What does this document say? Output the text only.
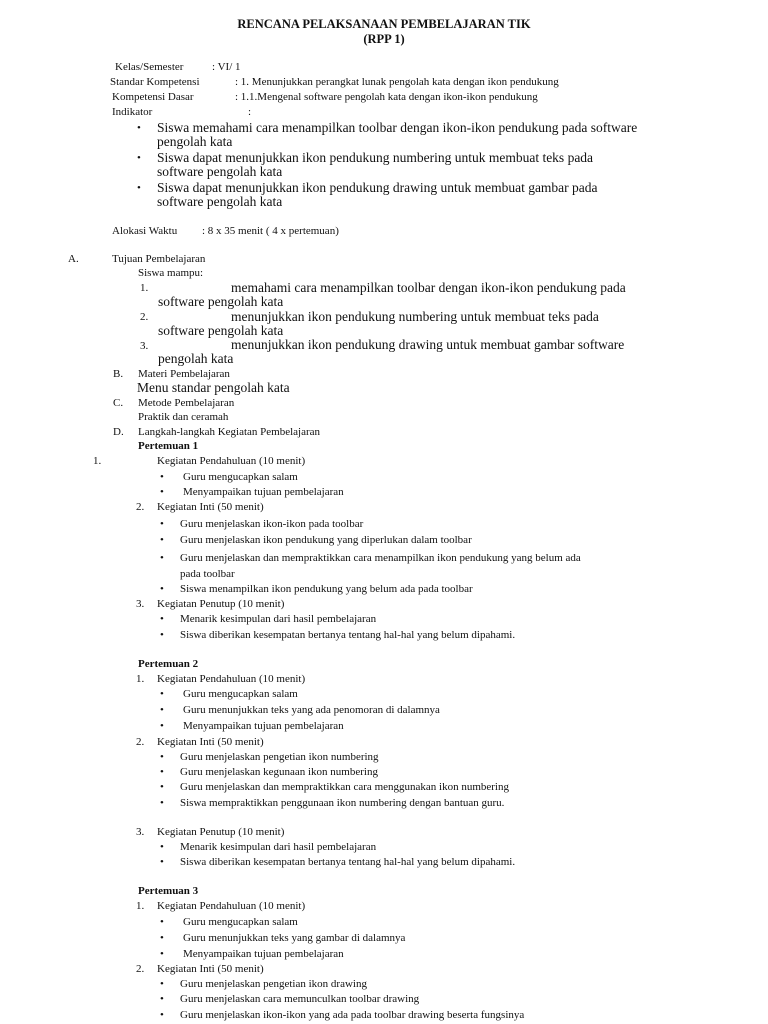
RENCANA PELAKSANAAN PEMBELAJARAN TIK
(RPP 1)
Kelas/Semester	: VI/ 1
Standar Kompetensi	: 1. Menunjukkan perangkat lunak pengolah kata dengan ikon pendukung
Kompetensi Dasar	: 1.1.Mengenal software pengolah kata dengan ikon-ikon pendukung
Indikator	:
• Siswa memahami cara menampilkan toolbar dengan ikon-ikon pendukung pada software
pengolah kata
• Siswa dapat menunjukkan ikon pendukung numbering untuk membuat teks pada
software pengolah kata
• Siswa dapat menunjukkan ikon pendukung drawing untuk membuat gambar pada
software pengolah kata
Alokasi Waktu : 8 x 35 menit ( 4 x pertemuan)
A.	Tujuan Pembelajaran
Siswa mampu:
1.	memahami cara menampilkan toolbar dengan ikon-ikon pendukung pada
software pengolah kata
2.	menunjukkan ikon pendukung numbering untuk membuat teks pada
software pengolah kata
3.	menunjukkan ikon pendukung drawing untuk membuat gambar software
pengolah kata
B. Materi Pembelajaran
Menu standar pengolah kata
C. Metode Pembelajaran
Praktik dan ceramah
D. Langkah-langkah Kegiatan Pembelajaran
Pertemuan 1
1.	Kegiatan Pendahuluan (10 menit)
• Guru mengucapkan salam
• Menyampaikan tujuan pembelajaran
2. Kegiatan Inti (50 menit)
• Guru menjelaskan ikon-ikon pada toolbar
• Guru menjelaskan ikon pendukung yang diperlukan dalam toolbar
• Guru menjelaskan dan mempraktikkan cara menampilkan ikon pendukung yang belum ada
pada toolbar
• Siswa menampilkan ikon pendukung yang belum ada pada toolbar
3. Kegiatan Penutup (10 menit)
• Menarik kesimpulan dari hasil pembelajaran
• Siswa diberikan kesempatan bertanya tentang hal-hal yang belum dipahami.
Pertemuan 2
1. Kegiatan Pendahuluan (10 menit)
• Guru mengucapkan salam
• Guru menunjukkan teks yang ada penomoran di dalamnya
• Menyampaikan tujuan pembelajaran
2. Kegiatan Inti (50 menit)
• Guru menjelaskan pengetian ikon numbering
• Guru menjelaskan kegunaan ikon numbering
• Guru menjelaskan dan mempraktikkan cara menggunakan ikon numbering
• Siswa mempraktikkan penggunaan ikon numbering dengan bantuan guru.
3. Kegiatan Penutup (10 menit)
• Menarik kesimpulan dari hasil pembelajaran
• Siswa diberikan kesempatan bertanya tentang hal-hal yang belum dipahami.
Pertemuan 3
1. Kegiatan Pendahuluan (10 menit)
• Guru mengucapkan salam
• Guru menunjukkan teks yang gambar di dalamnya
• Menyampaikan tujuan pembelajaran
2. Kegiatan Inti (50 menit)
• Guru menjelaskan pengetian ikon drawing
• Guru menjelaskan cara memunculkan toolbar drawing
• Guru menjelaskan ikon-ikon yang ada pada toolbar drawing beserta fungsinya
